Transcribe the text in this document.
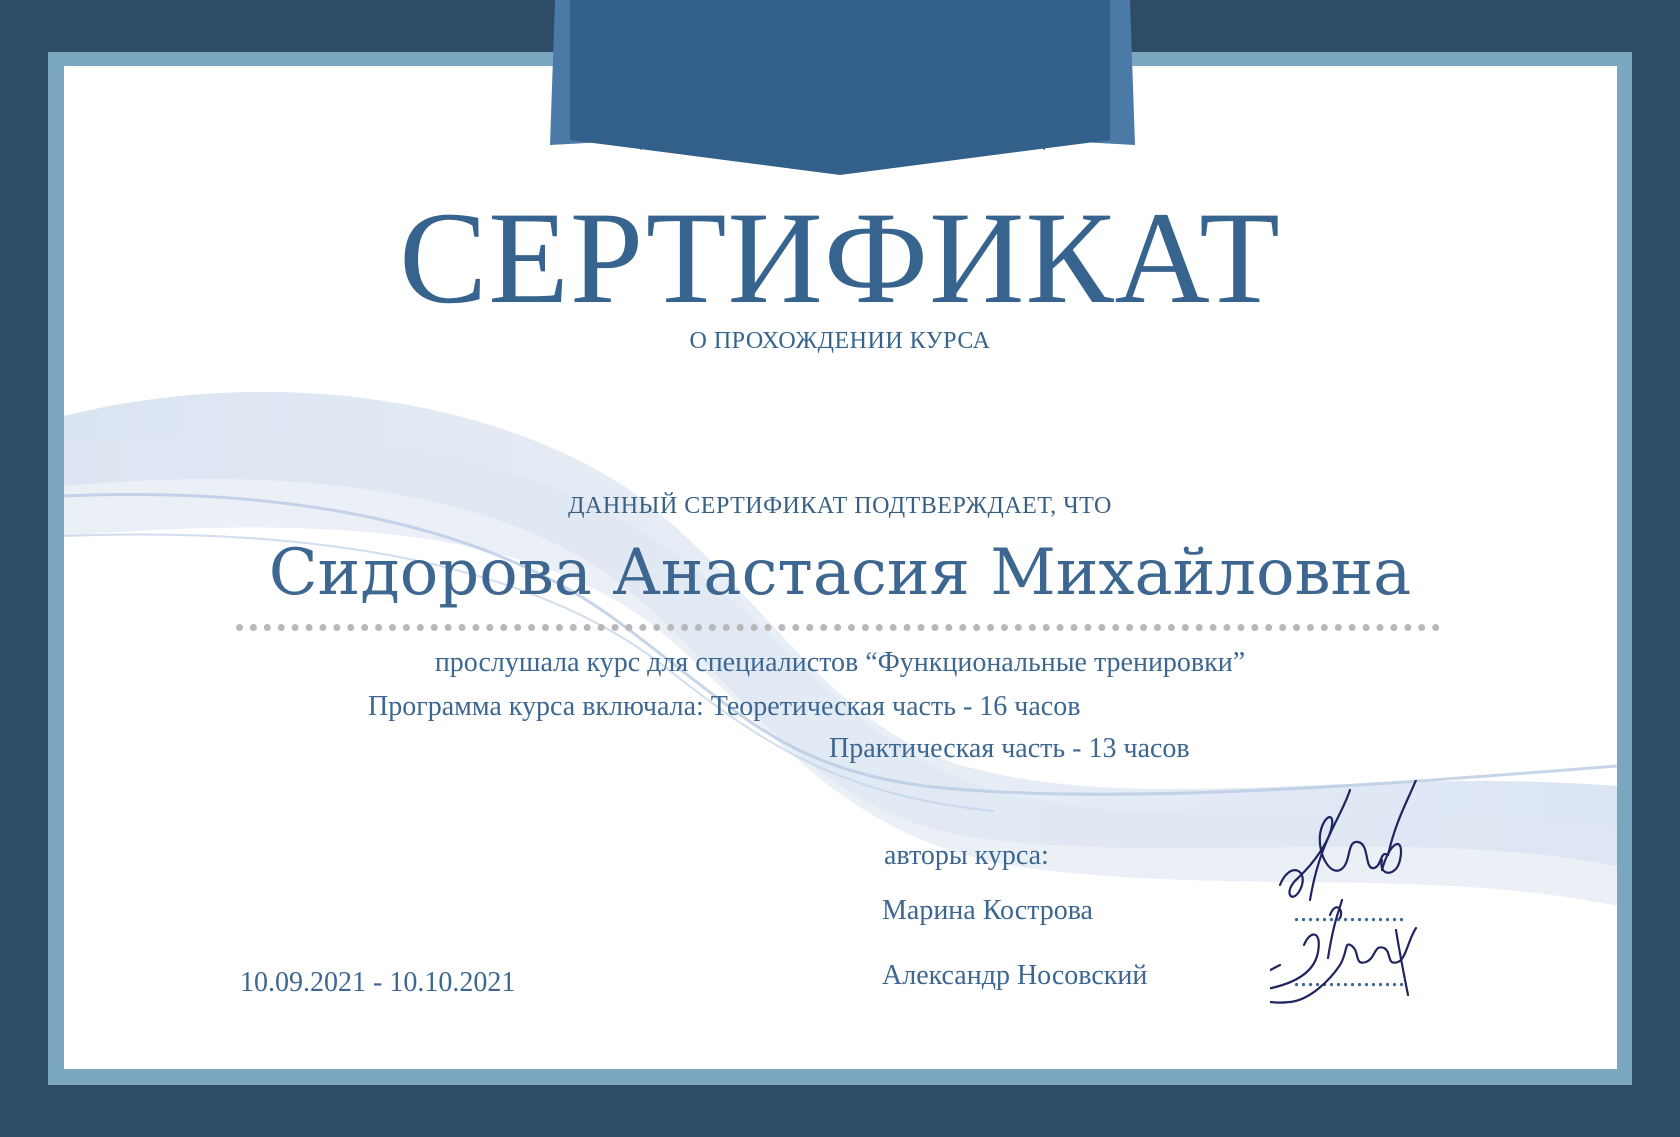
СЕРТИФИКАТ
О ПРОХОЖДЕНИИ КУРСА
ДАННЫЙ СЕРТИФИКАТ ПОДТВЕРЖДАЕТ, ЧТО
Сидорова Анастасия Михайловна
прослушала курс для специалистов “Функциональные тренировки”
Программа курса включала: Теоретическая часть - 16 часов
Практическая часть - 13 часов
авторы курса:
Марина Кострова	................
Александр Носовский	................
10.09.2021 - 10.10.2021
